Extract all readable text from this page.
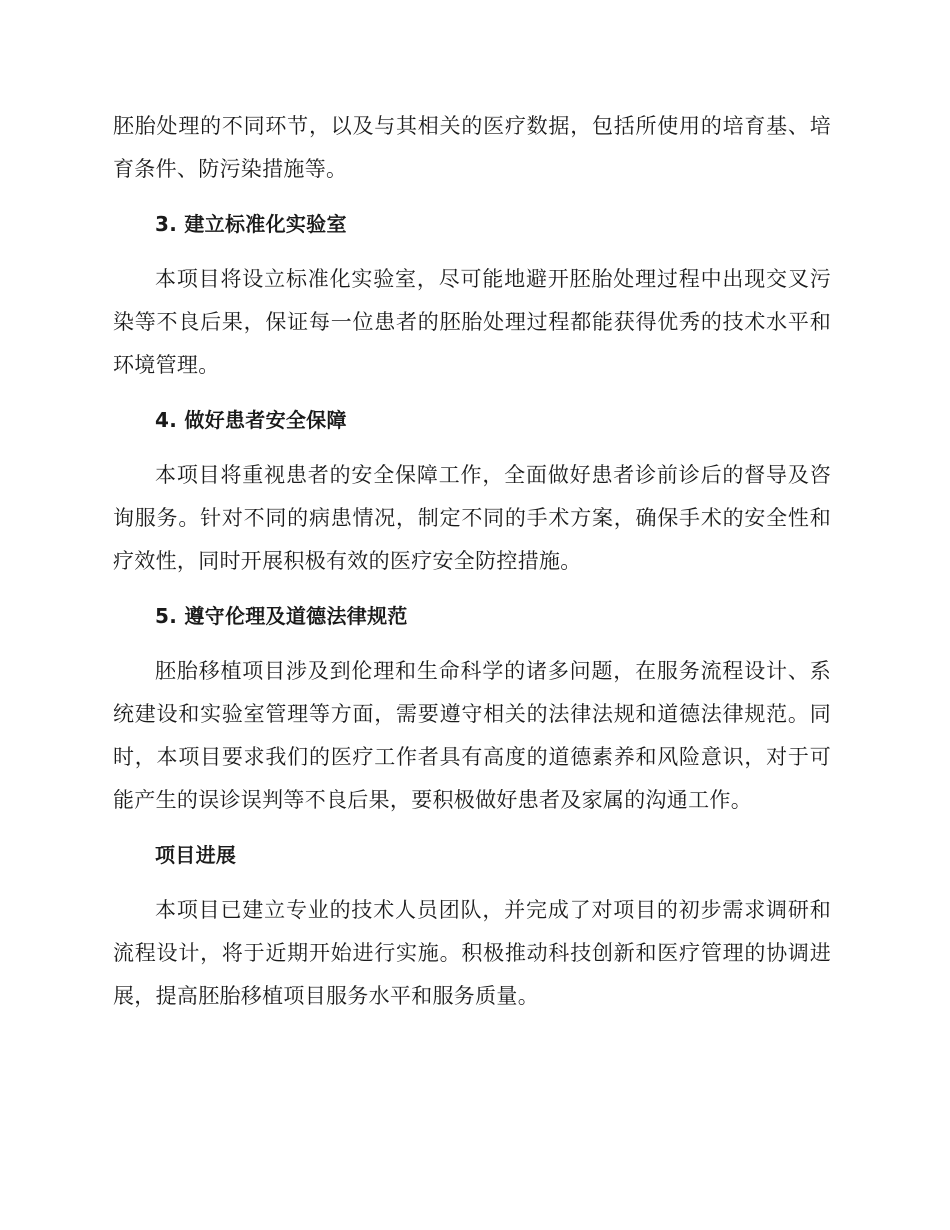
胚胎处理的不同环节，以及与其相关的医疗数据，包括所使用的培育基、培育条件、防污染措施等。

3. 建立标准化实验室

本项目将设立标准化实验室，尽可能地避开胚胎处理过程中出现交叉污染等不良后果，保证每一位患者的胚胎处理过程都能获得优秀的技术水平和环境管理。

4. 做好患者安全保障

本项目将重视患者的安全保障工作，全面做好患者诊前诊后的督导及咨询服务。针对不同的病患情况，制定不同的手术方案，确保手术的安全性和疗效性，同时开展积极有效的医疗安全防控措施。

5. 遵守伦理及道德法律规范

胚胎移植项目涉及到伦理和生命科学的诸多问题，在服务流程设计、系统建设和实验室管理等方面，需要遵守相关的法律法规和道德法律规范。同时，本项目要求我们的医疗工作者具有高度的道德素养和风险意识，对于可能产生的误诊误判等不良后果，要积极做好患者及家属的沟通工作。

项目进展

本项目已建立专业的技术人员团队，并完成了对项目的初步需求调研和流程设计，将于近期开始进行实施。积极推动科技创新和医疗管理的协调进展，提高胚胎移植项目服务水平和服务质量。
